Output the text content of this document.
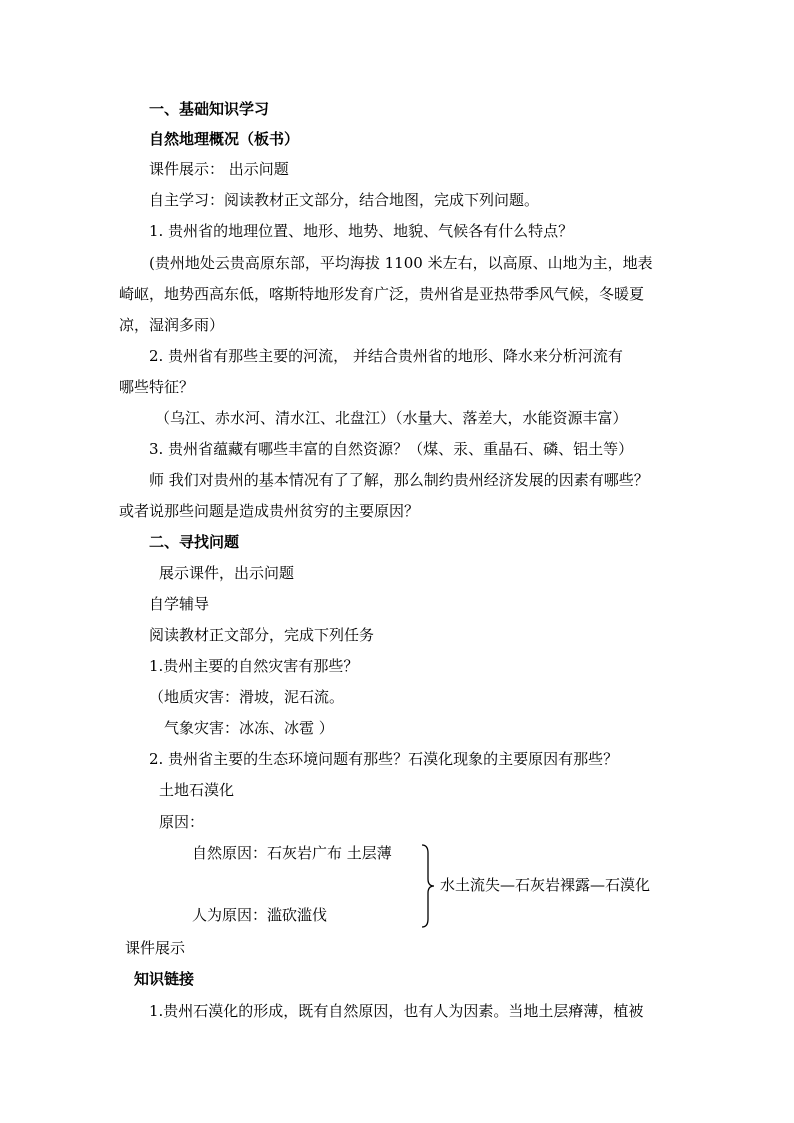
一、基础知识学习
自然地理概况（板书）
课件展示： 出示问题
自主学习：阅读教材正文部分，结合地图，完成下列问题。
1. 贵州省的地理位置、地形、地势、地貌、气候各有什么特点？
(贵州地处云贵高原东部，平均海拔 1100 米左右，以高原、山地为主，地表
崎岖，地势西高东低，喀斯特地形发育广泛，贵州省是亚热带季风气候，冬暖夏
凉，湿润多雨）
2. 贵州省有那些主要的河流， 并结合贵州省的地形、降水来分析河流有
哪些特征？
（乌江、赤水河、清水江、北盘江）（水量大、落差大，水能资源丰富）
3. 贵州省蕴藏有哪些丰富的自然资源？（煤、汞、重晶石、磷、铝土等）
师 我们对贵州的基本情况有了了解，那么制约贵州经济发展的因素有哪些？
或者说那些问题是造成贵州贫穷的主要原因？
二、寻找问题
展示课件，出示问题
自学辅导
阅读教材正文部分，完成下列任务
1.贵州主要的自然灾害有那些？
（地质灾害：滑坡，泥石流。
气象灾害：冰冻、冰雹 ）
2. 贵州省主要的生态环境问题有那些？石漠化现象的主要原因有那些？
土地石漠化
原因：
自然原因：石灰岩广布 土层薄
人为原因：滥砍滥伐
水土流失—石灰岩裸露—石漠化
课件展示
知识链接
1.贵州石漠化的形成，既有自然原因，也有人为因素。当地土层瘠薄，植被
